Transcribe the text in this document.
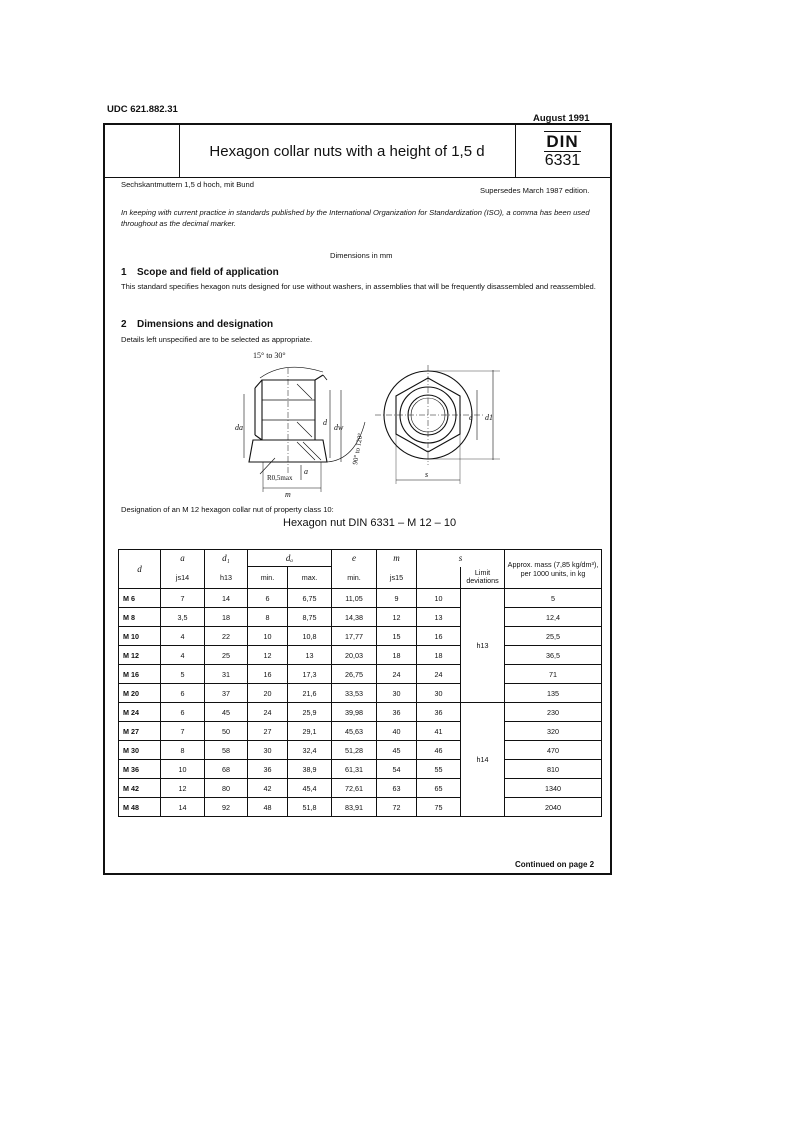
UDC 621.882.31
August 1991
Hexagon collar nuts with a height of 1,5 d	DIN
6331
Sechskantmuttern 1,5 d hoch, mit Bund
Supersedes March 1987 edition.
In keeping with current practice in standards published by the International Organization for Standardization (ISO), a comma has been used throughout as the decimal marker.
Dimensions in mm
1 Scope and field of application
This standard specifies hexagon nuts designed for use without washers, in assemblies that will be frequently disassembled and reassembled.
2 Dimensions and designation
Details left unspecified are to be selected as appropriate.
15° to 30°
da
d
dw
a
m
R0,5max
90° to 120°
e d1
s
Designation of an M 12 hexagon collar nut of property class 10:
Hexagon nut DIN 6331 – M 12 – 10
d	a	d₁	dₐ		e	m	s		Approx. mass (7,85 kg/dm³), per 1000 units, in kg
	js14	h13	min.	max.	min.	js15		Limit deviations	
M 6	7	14	6	6,75	11,05	9	10	h13	5
M 8	3,5	18	8	8,75	14,38	12	13		12,4
M 10	4	22	10	10,8	17,77	15	16		25,5
M 12	4	25	12	13	20,03	18	18		36,5
M 16	5	31	16	17,3	26,75	24	24		71
M 20	6	37	20	21,6	33,53	30	30		135
M 24	6	45	24	25,9	39,98	36	36	h14	230
M 27	7	50	27	29,1	45,63	40	41		320
M 30	8	58	30	32,4	51,28	45	46		470
M 36	10	68	36	38,9	61,31	54	55		810
M 42	12	80	42	45,4	72,61	63	65		1340
M 48	14	92	48	51,8	83,91	72	75		2040
Continued on page 2
